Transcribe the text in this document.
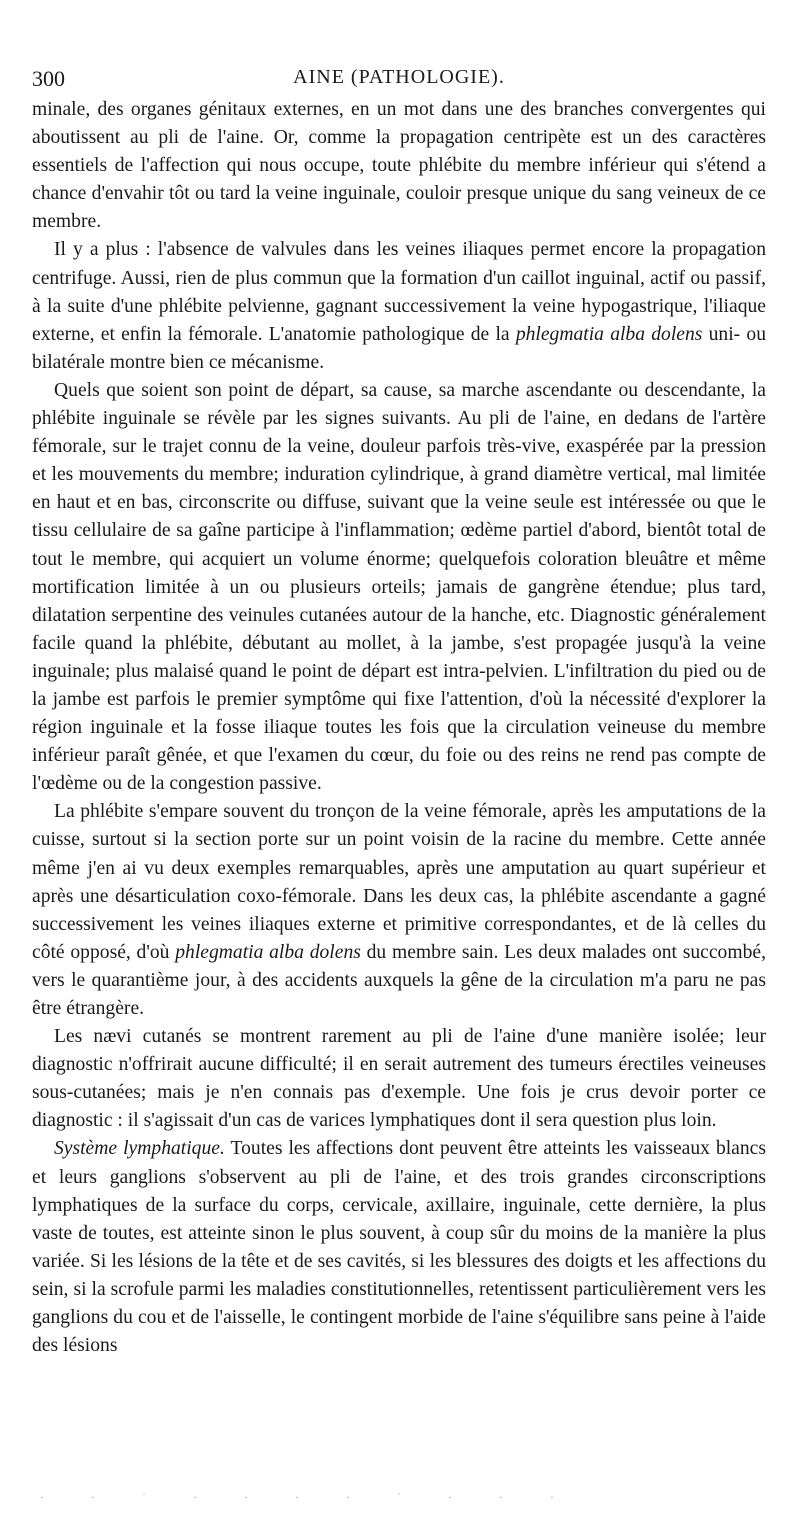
300	AINE (PATHOLOGIE).

minale, des organes génitaux externes, en un mot dans une des branches convergentes qui aboutissent au pli de l'aine. Or, comme la propagation centripète est un des caractères essentiels de l'affection qui nous occupe, toute phlébite du membre inférieur qui s'étend a chance d'envahir tôt ou tard la veine inguinale, couloir presque unique du sang veineux de ce membre.

Il y a plus : l'absence de valvules dans les veines iliaques permet encore la propagation centrifuge. Aussi, rien de plus commun que la formation d'un caillot inguinal, actif ou passif, à la suite d'une phlébite pelvienne, gagnant successivement la veine hypogastrique, l'iliaque externe, et enfin la fémorale. L'anatomie pathologique de la phlegmatia alba dolens uni- ou bilatérale montre bien ce mécanisme.

Quels que soient son point de départ, sa cause, sa marche ascendante ou descendante, la phlébite inguinale se révèle par les signes suivants. Au pli de l'aine, en dedans de l'artère fémorale, sur le trajet connu de la veine, douleur parfois très-vive, exaspérée par la pression et les mouvements du membre; induration cylindrique, à grand diamètre vertical, mal limitée en haut et en bas, circonscrite ou diffuse, suivant que la veine seule est intéressée ou que le tissu cellulaire de sa gaîne participe à l'inflammation; œdème partiel d'abord, bientôt total de tout le membre, qui acquiert un volume énorme; quelquefois coloration bleuâtre et même mortification limitée à un ou plusieurs orteils; jamais de gangrène étendue; plus tard, dilatation serpentine des veinules cutanées autour de la hanche, etc. Diagnostic généralement facile quand la phlébite, débutant au mollet, à la jambe, s'est propagée jusqu'à la veine inguinale; plus malaisé quand le point de départ est intra-pelvien. L'infiltration du pied ou de la jambe est parfois le premier symptôme qui fixe l'attention, d'où la nécessité d'explorer la région inguinale et la fosse iliaque toutes les fois que la circulation veineuse du membre inférieur paraît gênée, et que l'examen du cœur, du foie ou des reins ne rend pas compte de l'œdème ou de la congestion passive.

La phlébite s'empare souvent du tronçon de la veine fémorale, après les amputations de la cuisse, surtout si la section porte sur un point voisin de la racine du membre. Cette année même j'en ai vu deux exemples remarquables, après une amputation au quart supérieur et après une désarticulation coxo-fémorale. Dans les deux cas, la phlébite ascendante a gagné successivement les veines iliaques externe et primitive correspondantes, et de là celles du côté opposé, d'où phlegmatia alba dolens du membre sain. Les deux malades ont succombé, vers le quarantième jour, à des accidents auxquels la gêne de la circulation m'a paru ne pas être étrangère.

Les nævi cutanés se montrent rarement au pli de l'aine d'une manière isolée; leur diagnostic n'offrirait aucune difficulté; il en serait autrement des tumeurs érectiles veineuses sous-cutanées; mais je n'en connais pas d'exemple. Une fois je crus devoir porter ce diagnostic : il s'agissait d'un cas de varices lymphatiques dont il sera question plus loin.

Système lymphatique. Toutes les affections dont peuvent être atteints les vaisseaux blancs et leurs ganglions s'observent au pli de l'aine, et des trois grandes circonscriptions lymphatiques de la surface du corps, cervicale, axillaire, inguinale, cette dernière, la plus vaste de toutes, est atteinte sinon le plus souvent, à coup sûr du moins de la manière la plus variée. Si les lésions de la tête et de ses cavités, si les blessures des doigts et les affections du sein, si la scrofule parmi les maladies constitutionnelles, retentissent particulièrement vers les ganglions du cou et de l'aisselle, le contingent morbide de l'aine s'équilibre sans peine à l'aide des lésions

· · ˙ · · · · ˙ · · ·
